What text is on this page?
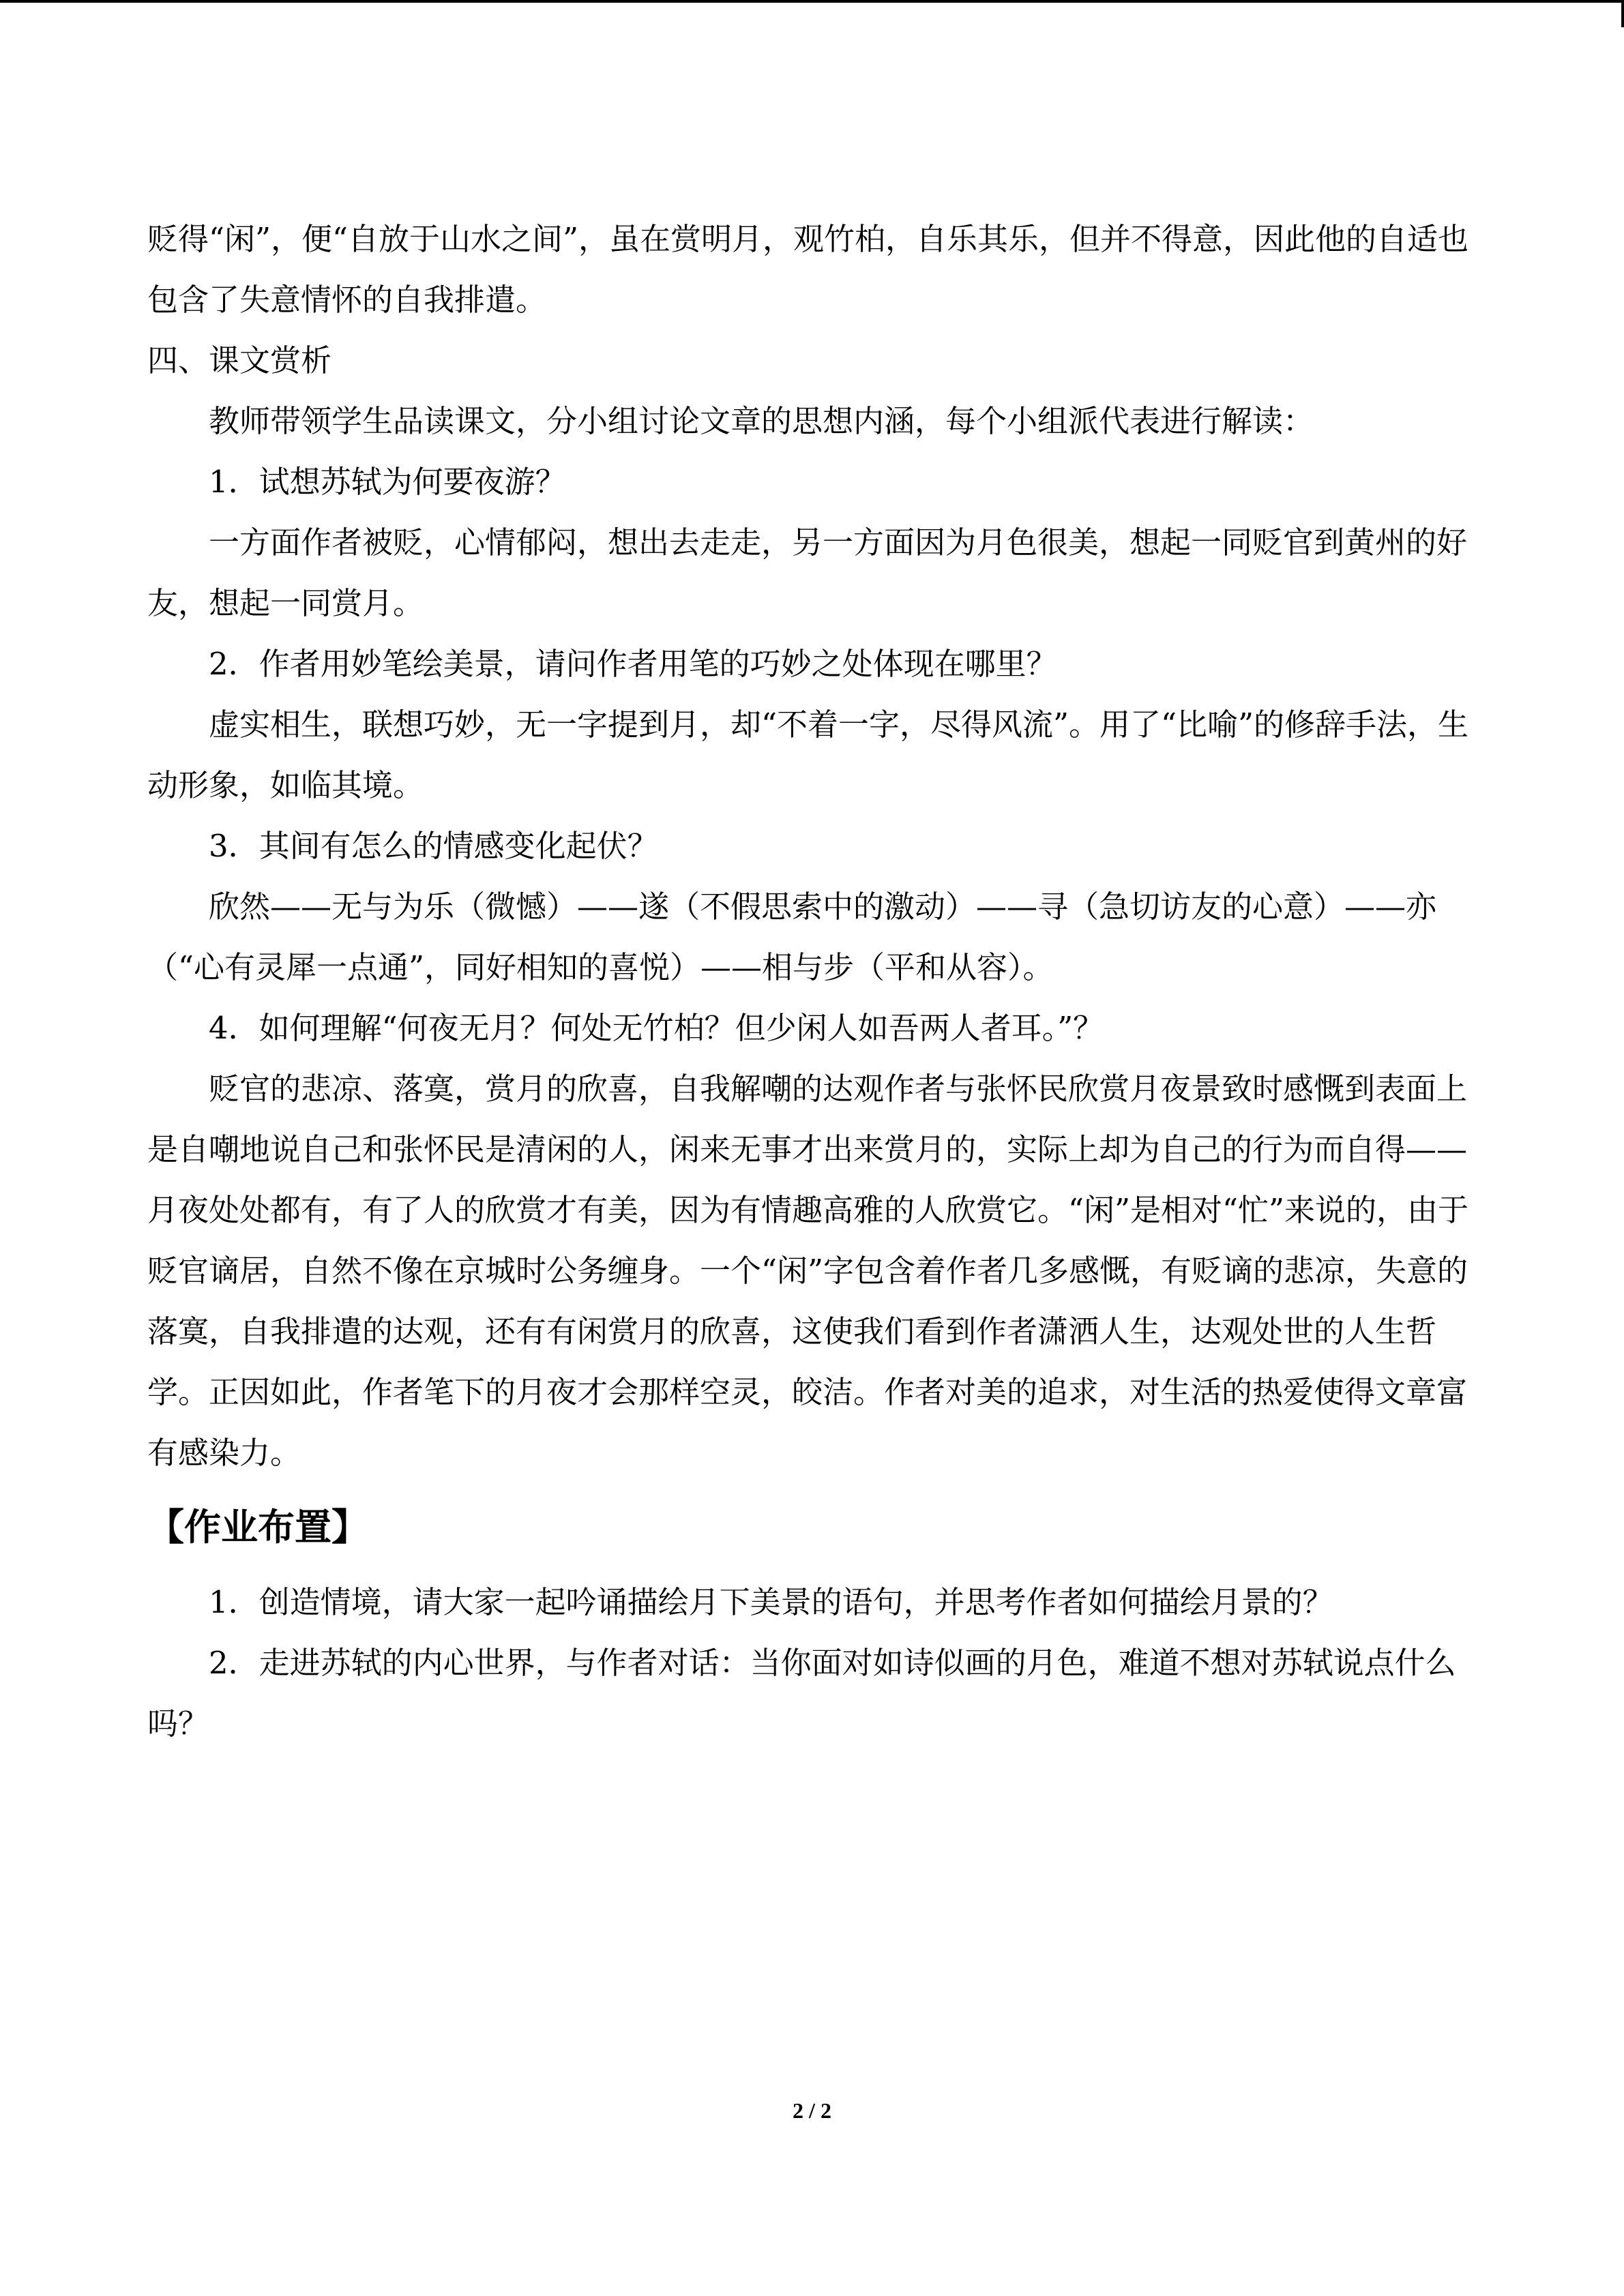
贬得“闲”，便“自放于山水之间”，虽在赏明月，观竹柏，自乐其乐，但并不得意，因此他的自适也包含了失意情怀的自我排遣。

四、课文赏析

教师带领学生品读课文，分小组讨论文章的思想内涵，每个小组派代表进行解读：

1．试想苏轼为何要夜游？

一方面作者被贬，心情郁闷，想出去走走，另一方面因为月色很美，想起一同贬官到黄州的好友，想起一同赏月。

2．作者用妙笔绘美景，请问作者用笔的巧妙之处体现在哪里？

虚实相生，联想巧妙，无一字提到月，却“不着一字，尽得风流”。用了“比喻”的修辞手法，生动形象，如临其境。

3．其间有怎么的情感变化起伏？

欣然——无与为乐（微憾）——遂（不假思索中的激动）——寻（急切访友的心意）——亦（“心有灵犀一点通”，同好相知的喜悦）——相与步（平和从容）。

4．如何理解“何夜无月？何处无竹柏？但少闲人如吾两人者耳。”？

贬官的悲凉、落寞，赏月的欣喜，自我解嘲的达观作者与张怀民欣赏月夜景致时感慨到表面上是自嘲地说自己和张怀民是清闲的人，闲来无事才出来赏月的，实际上却为自己的行为而自得——月夜处处都有，有了人的欣赏才有美，因为有情趣高雅的人欣赏它。“闲”是相对“忙”来说的，由于贬官谪居，自然不像在京城时公务缠身。一个“闲”字包含着作者几多感慨，有贬谪的悲凉，失意的落寞，自我排遣的达观，还有有闲赏月的欣喜，这使我们看到作者潇洒人生，达观处世的人生哲学。正因如此，作者笔下的月夜才会那样空灵，皎洁。作者对美的追求，对生活的热爱使得文章富有感染力。

【作业布置】

1．创造情境，请大家一起吟诵描绘月下美景的语句，并思考作者如何描绘月景的？

2．走进苏轼的内心世界，与作者对话：当你面对如诗似画的月色，难道不想对苏轼说点什么吗？

2 / 2
